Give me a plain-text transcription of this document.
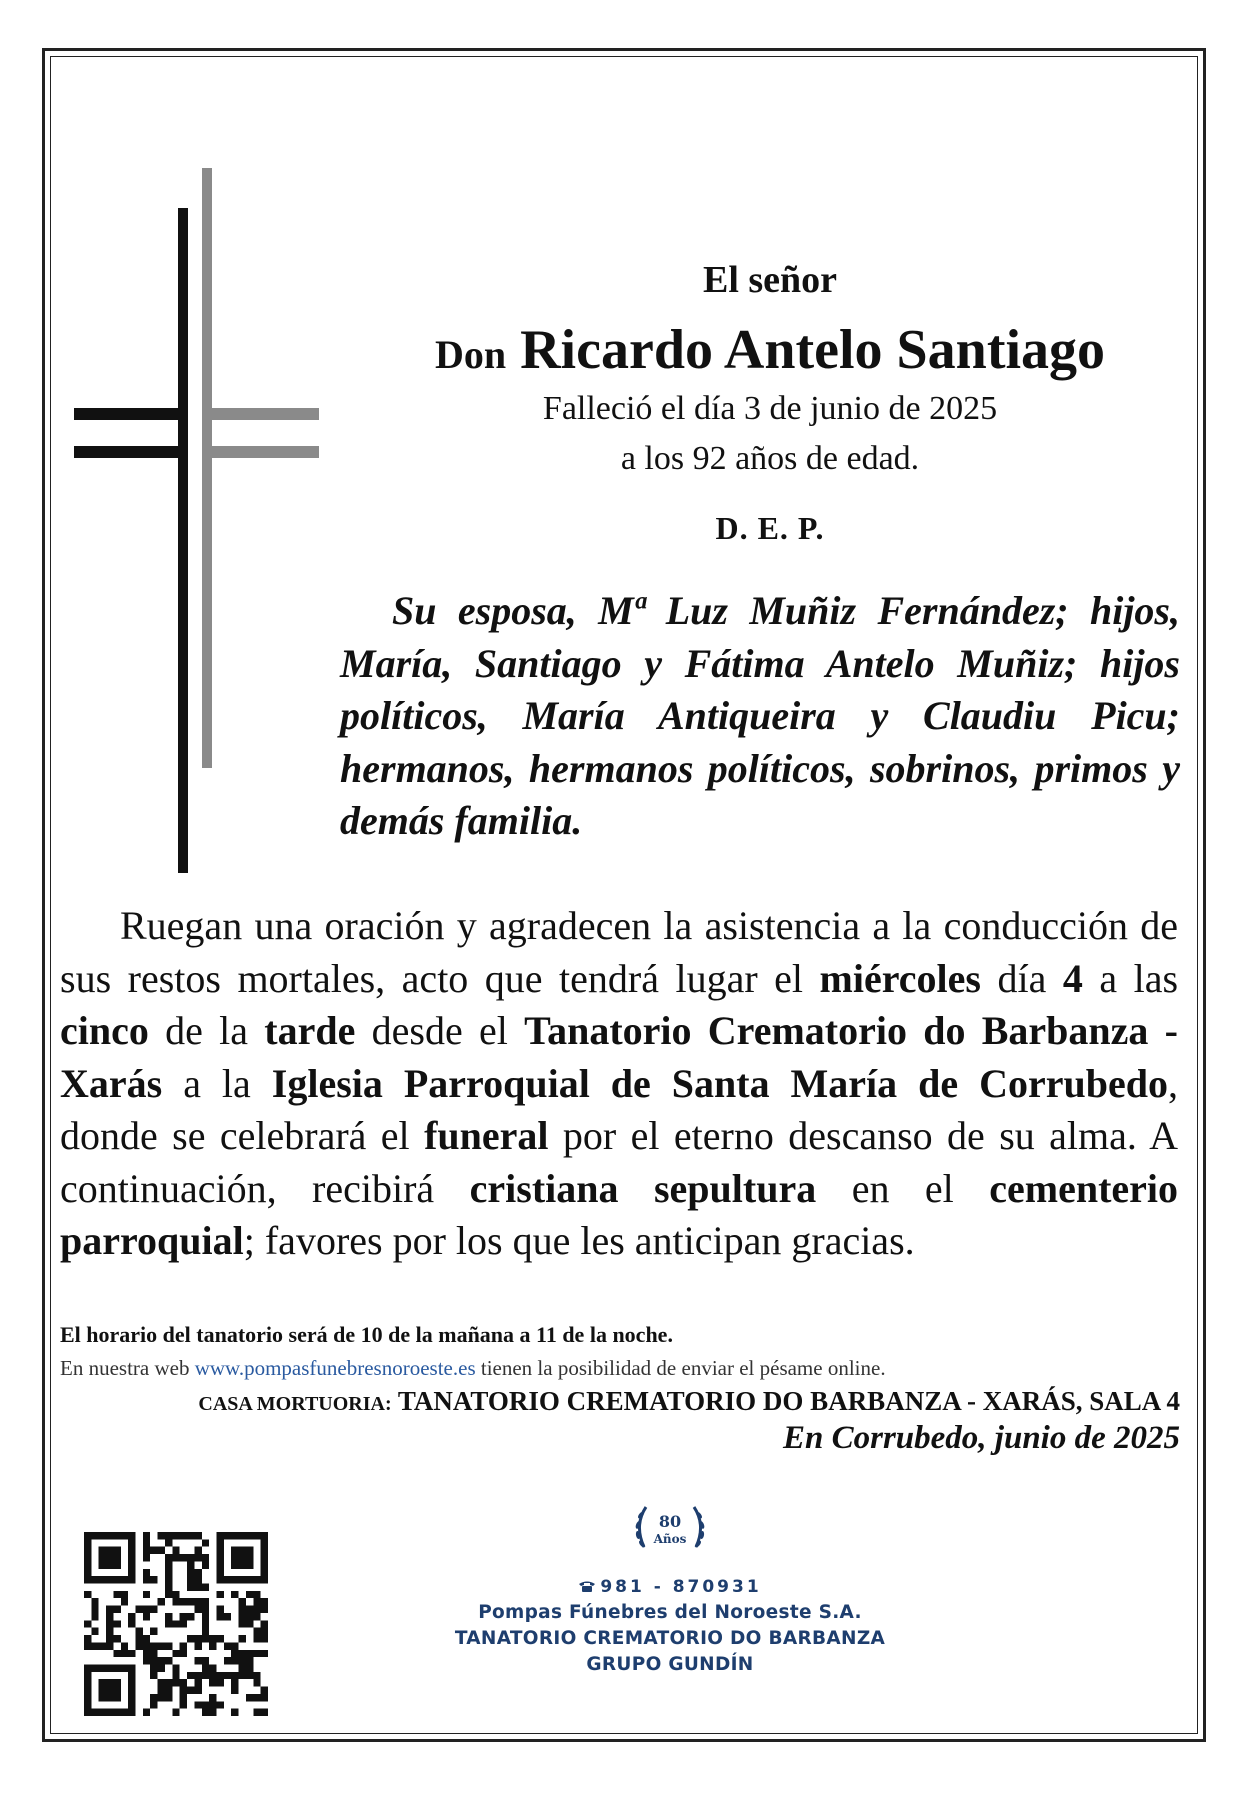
El señor
Don Ricardo Antelo Santiago
Falleció el día 3 de junio de 2025
a los 92 años de edad.
D. E. P.
Su esposa, Mª Luz Muñiz Fernández; hijos, María, Santiago y Fátima Antelo Muñiz; hijos políticos, María Antiqueira y Claudiu Picu; hermanos, hermanos políticos, sobrinos, primos y demás familia.
Ruegan una oración y agradecen la asistencia a la conducción de sus restos mortales, acto que tendrá lugar el miércoles día 4 a las cinco de la tarde desde el Tanatorio Crematorio do Barbanza - Xarás a la Iglesia Parroquial de Santa María de Corrubedo, donde se celebrará el funeral por el eterno descanso de su alma. A continuación, recibirá cristiana sepultura en el cementerio parroquial; favores por los que les anticipan gracias.
El horario del tanatorio será de 10 de la mañana a 11 de la noche.
En nuestra web www.pompasfunebresnoroeste.es tienen la posibilidad de enviar el pésame online.
CASA MORTUORIA: TANATORIO CREMATORIO DO BARBANZA - XARÁS, SALA 4
En Corrubedo, junio de 2025
80
Años
981 - 870931
Pompas Fúnebres del Noroeste S.A.
TANATORIO CREMATORIO DO BARBANZA
GRUPO GUNDÍN
